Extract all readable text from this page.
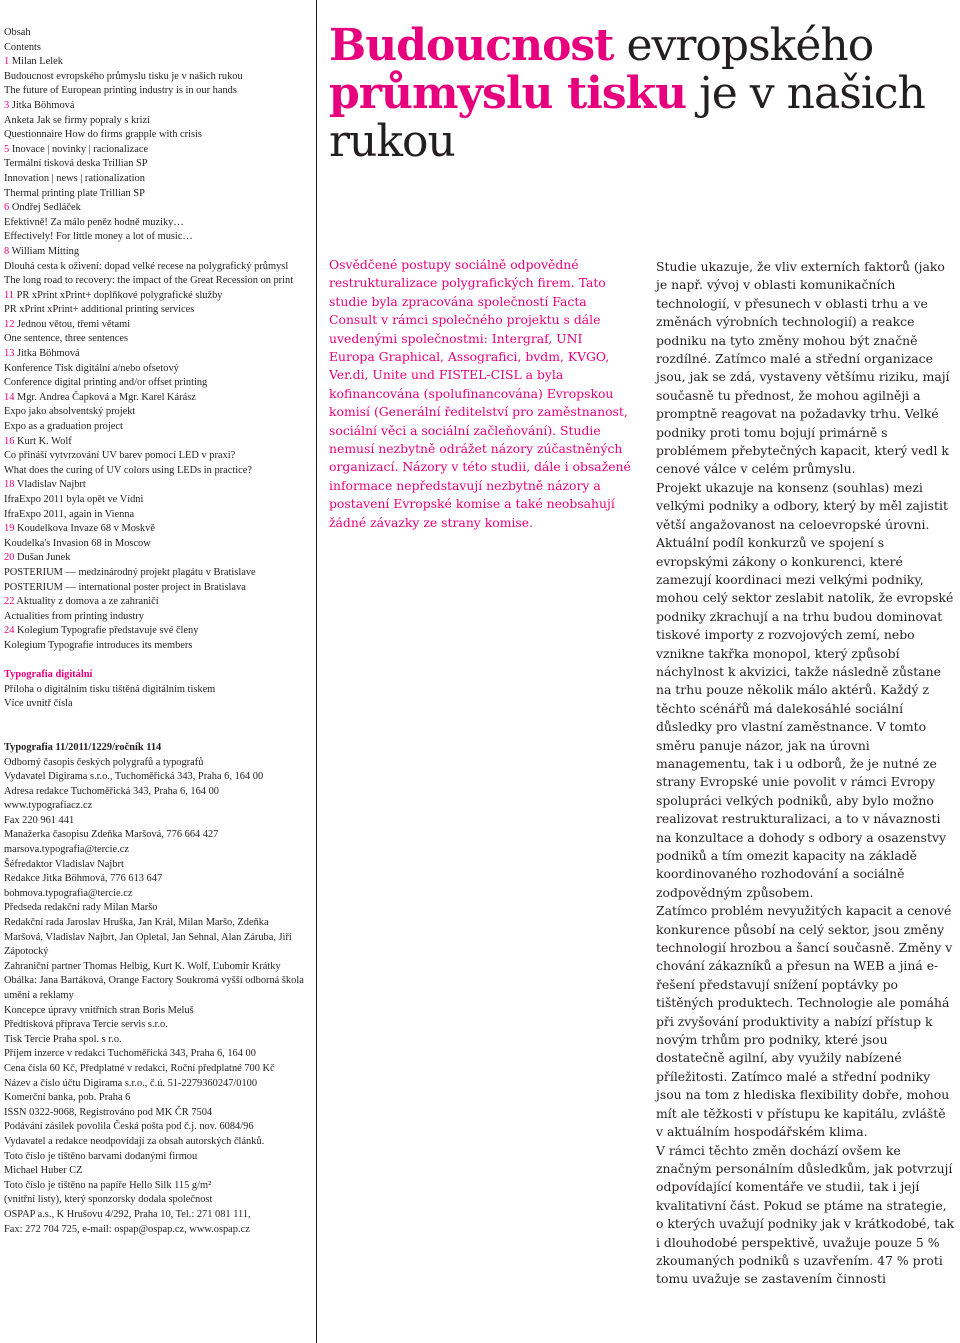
Obsah
Contents
1 Milan Lelek
Budoucnost evropského průmyslu tisku je v našich rukou
The future of European printing industry is in our hands
3 Jitka Böhmová
Anketa Jak se firmy popraly s krizí
Questionnaire How do firms grapple with crisis
5 Inovace | novinky | racionalizace
Termální tisková deska Trillian SP
Innovation | news | rationalization
Thermal printing plate Trillian SP
6 Ondřej Sedláček
Efektivně! Za málo peněz hodně muziky…
Effectively! For little money a lot of music…
8 William Mitting
Dlouhá cesta k oživení: dopad velké recese na polygrafický průmysl
The long road to recovery: the impact of the Great Recession on print
11 PR xPrint xPrint+ doplňkové polygrafické služby
PR xPrint xPrint+ additional printing services
12 Jednou větou, třemi větami
One sentence, three sentences
13 Jitka Böhmová
Konference Tisk digitální a/nebo ofsetový
Conference digital printing and/or offset printing
14 Mgr. Andrea Čapková a Mgr. Karel Kárász
Expo jako absolventský projekt
Expo as a graduation project
16 Kurt K. Wolf
Co přináší vytvrzování UV barev pomocí LED v praxi?
What does the curing of UV colors using LEDs in practice?
18 Vladislav Najbrt
IfraExpo 2011 byla opět ve Vídni
IfraExpo 2011, again in Vienna
19 Koudelkova Invaze 68 v Moskvě
Koudelka's Invasion 68 in Moscow
20 Dušan Junek
POSTERIUM — medzinárodný projekt plagátu v Bratislave
POSTERIUM — international poster project in Bratislava
22 Aktuality z domova a ze zahraničí
Actualities from printing industry
24 Kolegium Typografie představuje své členy
Kolegium Typografie introduces its members
Typografia digitální
Příloha o digitálním tisku tištěná digitálním tiskem
Více uvnitř čísla
Typografia 11/2011/1229/ročník 114
Odborný časopis českých polygrafů a typografů
Vydavatel Digirama s.r.o., Tuchoměřická 343, Praha 6, 164 00
Adresa redakce Tuchoměřická 343, Praha 6, 164 00
www.typografiacz.cz
Fax 220 961 441
Manažerka časopisu Zdeňka Maršová, 776 664 427
marsova.typografia@tercie.cz
Šéfredaktor Vladislav Najbrt
Redakce Jitka Böhmová, 776 613 647
bohmova.typografia@tercie.cz
Předseda redakční rady Milan Maršo
Redakční rada Jaroslav Hruška, Jan Král, Milan Maršo, Zdeňka Maršová, Vladislav Najbrt, Jan Opletal, Jan Sehnal, Alan Záruba, Jiří Zápotocký
Zahraniční partner Thomas Helbig, Kurt K. Wolf, Ľubomír Krátky
Obálka: Jana Bartáková, Orange Factory Soukromá vyšší odborná škola umění a reklamy
Koncepce úpravy vnitřních stran Boris Meluš
Předtisková příprava Tercie servis s.r.o.
Tisk Tercie Praha spol. s r.o.
Příjem inzerce v redakci Tuchoměřická 343, Praha 6, 164 00
Cena čísla 60 Kč, Předplatné v redakci, Roční předplatné 700 Kč
Název a číslo účtu Digirama s.r.o., č.ú. 51-2279360247/0100
Komerční banka, pob. Praha 6
ISSN 0322-9068, Registrováno pod MK ČR 7504
Podávání zásilek povolila Česká pošta pod č.j. nov. 6084/96
Vydavatel a redakce neodpovídají za obsah autorských článků.
Toto číslo je tištěno barvami dodanými firmou
Michael Huber CZ
Toto číslo je tištěno na papíře Hello Silk 115 g/m²
(vnitřní listy), který sponzorsky dodala společnost
OSPAP a.s., K Hrušovu 4/292, Praha 10, Tel.: 271 081 111,
Fax: 272 704 725, e-mail: ospap@ospap.cz, www.ospap.cz
Budoucnost evropského
průmyslu tisku je v našich rukou
Osvědčené postupy sociálně odpovědné restrukturalizace polygrafických firem. Tato studie byla zpracována společností Facta Consult v rámci společného projektu s dále uvedenými společnostmi: Intergraf, UNI Europa Graphical, Assografici, bvdm, KVGO, Ver.di, Unite und FISTEL-CISL a byla kofinancována (spolufinancována) Evropskou komisí (Generální ředitelství pro zaměstnanost, sociální věci a sociální začleňování). Studie nemusí nezbytně odrážet názory zúčastněných organizací. Názory v této studii, dále i obsažené informace nepředstavují nezbytně názory a postavení Evropské komise a také neobsahují žádné závazky ze strany komise.

Studie ukazuje, že vliv externích faktorů (jako je např. vývoj v oblasti komunikačních technologií, v přesunech v oblasti trhu a ve změnách výrobních technologií) a reakce podniku na tyto změny mohou být značně rozdílné. Zatímco malé a střední organizace jsou, jak se zdá, vystaveny většímu riziku, mají současně tu přednost, že mohou agilněji a promptně reagovat na požadavky trhu. Velké podniky proti tomu bojují primárně s problémem přebytečných kapacit, který vedl k cenové válce v celém průmyslu.

Projekt ukazuje na konsenz (souhlas) mezi velkými podniky a odbory, který by měl zajistit větší angažovanost na celoevropské úrovni.

Aktuální podíl konkurzů ve spojení s evropskými zákony o konkurenci, které zamezují koordinaci mezi velkými podniky, mohou celý sektor zeslabit natolik, že evropské podniky zkrachují a na trhu budou dominovat tiskové importy z rozvojových zemí, nebo vznikne takřka monopol, který způsobí náchylnost k akvizici, takže následně zůstane na trhu pouze několik málo aktérů. Každý z těchto scénářů má dalekosáhlé sociální důsledky pro vlastní zaměstnance. V tomto směru panuje názor, jak na úrovni managementu, tak i u odborů, že je nutné ze strany Evropské unie povolit v rámci Evropy spolupráci velkých podniků, aby bylo možno realizovat restrukturalizaci, a to v návaznosti na konzultace a dohody s odbory a osazenstvy podniků a tím omezit kapacity na základě koordinovaného rozhodování a sociálně zodpovědným způsobem.

Zatímco problém nevyužitých kapacit a cenové konkurence působí na celý sektor, jsou změny technologií hrozbou a šancí současně. Změny v chování zákazníků a přesun na WEB a jiná e-řešení představují snížení poptávky po tištěných produktech. Technologie ale pomáhá při zvyšování produktivity a nabízí přístup k novým trhům pro podniky, které jsou dostatečně agilní, aby využily nabízené příležitosti. Zatímco malé a střední podniky jsou na tom z hlediska flexibility dobře, mohou mít ale těžkosti v přístupu ke kapitálu, zvláště v aktuálním hospodářském klima.

V rámci těchto změn dochází ovšem ke značným personálním důsledkům, jak potvrzují odpovídající komentáře ve studii, tak i její kvalitativní část. Pokud se ptáme na strategie, o kterých uvažují podniky jak v krátkodobé, tak i dlouhodobé perspektivě, uvažuje pouze 5 % zkoumaných podniků s uzavřením. 47 % proti tomu uvažuje se zastavením činnosti
